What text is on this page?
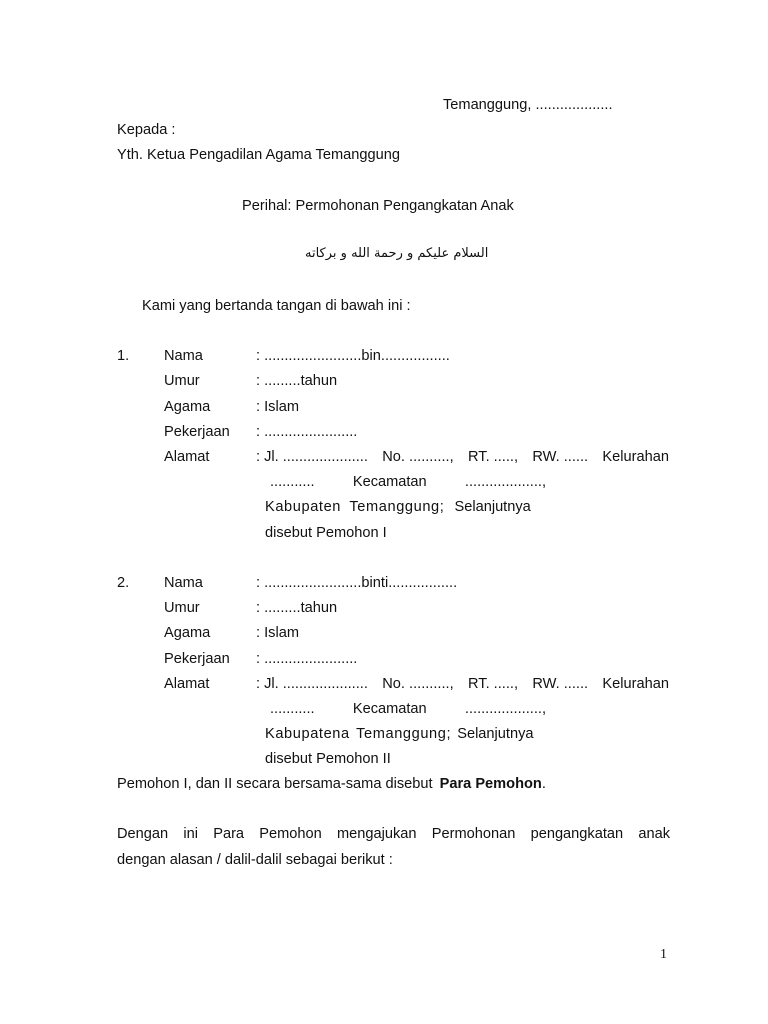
Temanggung, ...................
Kepada :
Yth. Ketua Pengadilan Agama Temanggung
Perihal: Permohonan Pengangkatan Anak
السلام عليكم و رحمة الله و بركاته
Kami yang bertanda tangan di bawah ini :
1. Nama	: ........................bin.................
Umur	: .........tahun
Agama	: Islam
Pekerjaan : .......................
Alamat	: Jl. ..................... No. .........., RT. ....., RW. ...... Kelurahan
...........	Kecamatan	...................,
Kabupaten Temanggung; Selanjutnya
disebut Pemohon I
2. Nama	: ........................binti.................
Umur	: .........tahun
Agama	: Islam
Pekerjaan : .......................
Alamat	: Jl. ..................... No. .........., RT. ....., RW. ...... Kelurahan
...........	Kecamatan	...................,
Kabupatena Temanggung; Selanjutnya
disebut Pemohon II
Pemohon I, dan II secara bersama-sama disebut Para Pemohon.
Dengan ini Para Pemohon mengajukan Permohonan pengangkatan anak
dengan alasan / dalil-dalil sebagai berikut :
1
